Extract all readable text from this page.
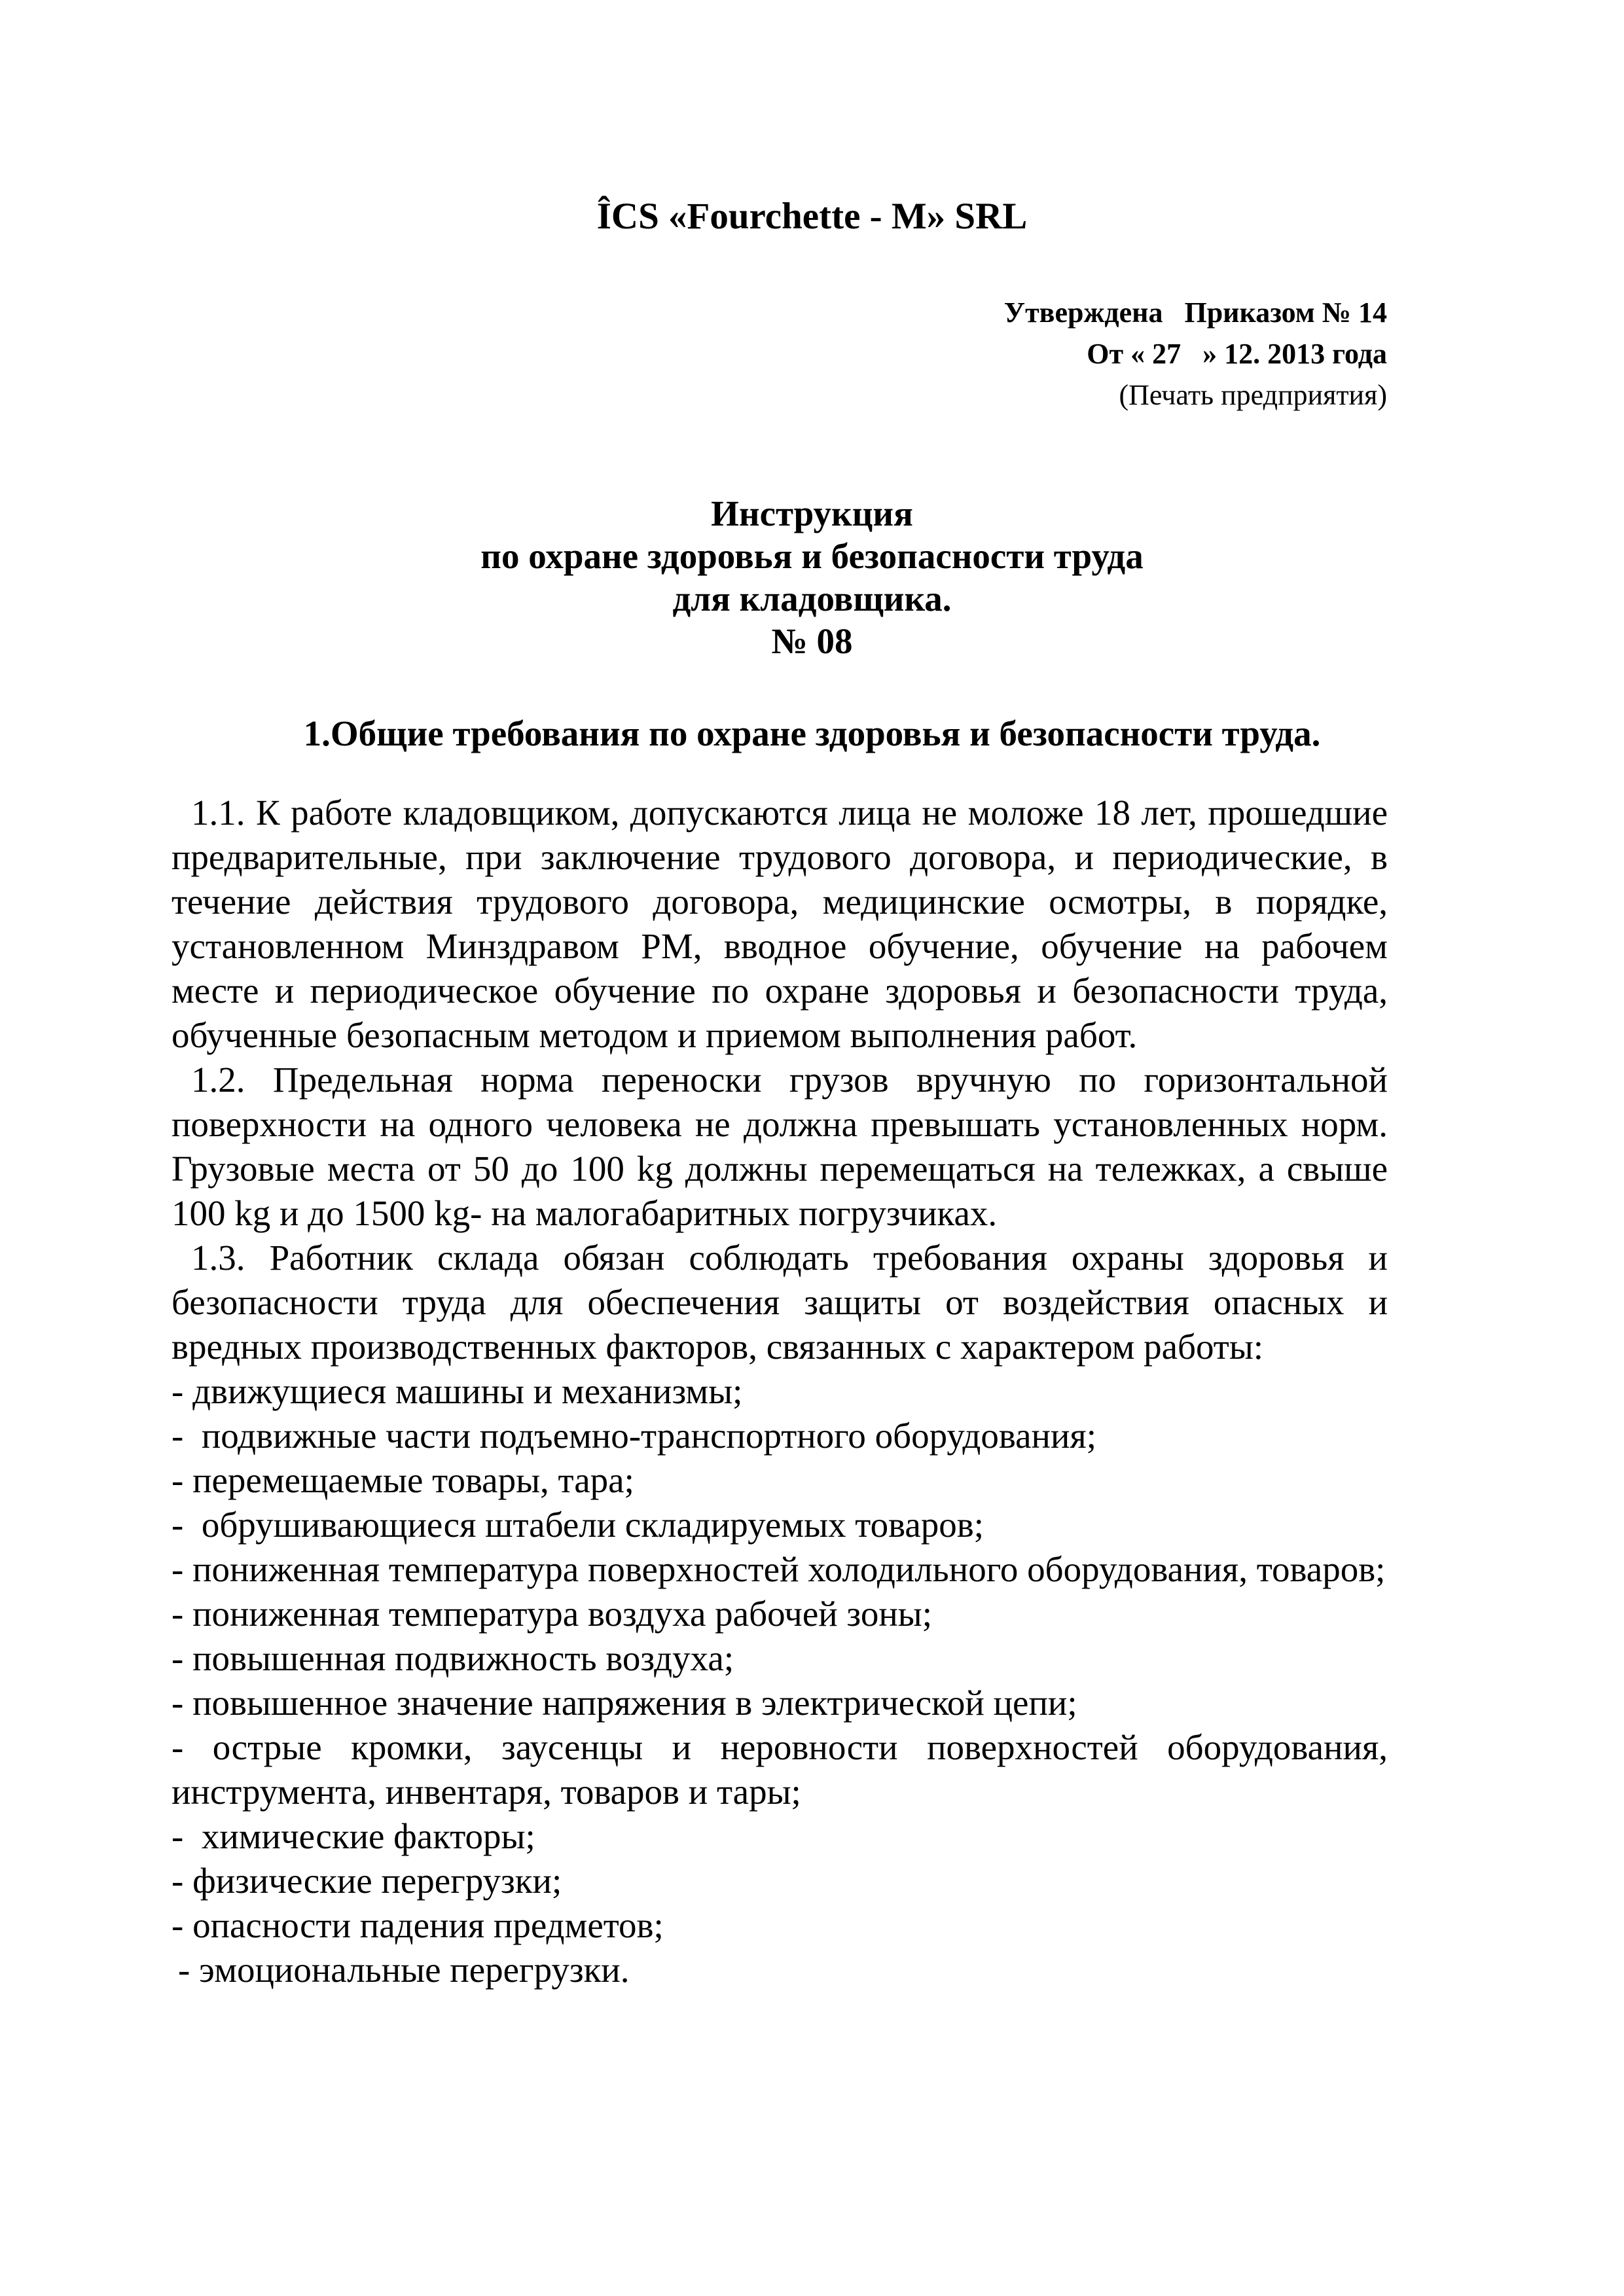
ÎCS «Fourchette - M» SRL
Утверждена   Приказом № 14
От « 27   » 12. 2013 года
(Печать предприятия)
Инструкция
по охране здоровья и безопасности труда
для кладовщика.
№ 08
1.Общие требования по охране здоровья и безопасности труда.

1.1. К работе кладовщиком, допускаются лица не моложе 18 лет, прошедшие предварительные, при заключение трудового договора, и периодические, в течение действия трудового договора, медицинские осмотры, в порядке, установленном Минздравом РМ, вводное обучение, обучение на рабочем месте и периодическое обучение по охране здоровья и безопасности труда, обученные безопасным методом и приемом выполнения работ.

1.2. Предельная норма переноски грузов вручную по горизонтальной поверхности на одного человека не должна превышать установленных норм. Грузовые места от 50 до 100 kg должны перемещаться на тележках, а свыше 100 kg и до 1500 kg- на малогабаритных погрузчиках.

1.3. Работник склада обязан соблюдать требования охраны здоровья и безопасности труда для обеспечения защиты от воздействия опасных и вредных производственных факторов, связанных с характером работы:

- движущиеся машины и механизмы;

-  подвижные части подъемно-транспортного оборудования;

- перемещаемые товары, тара;

-  обрушивающиеся штабели складируемых товаров;

- пониженная температура поверхностей холодильного оборудования, товаров;

- пониженная температура воздуха рабочей зоны;

- повышенная подвижность воздуха;

- повышенное значение напряжения в электрической цепи;

- острые кромки, заусенцы и неровности поверхностей оборудования, инструмента, инвентаря, товаров и тары;

-  химические факторы;

- физические перегрузки;

- опасности падения предметов;

- эмоциональные перегрузки.
